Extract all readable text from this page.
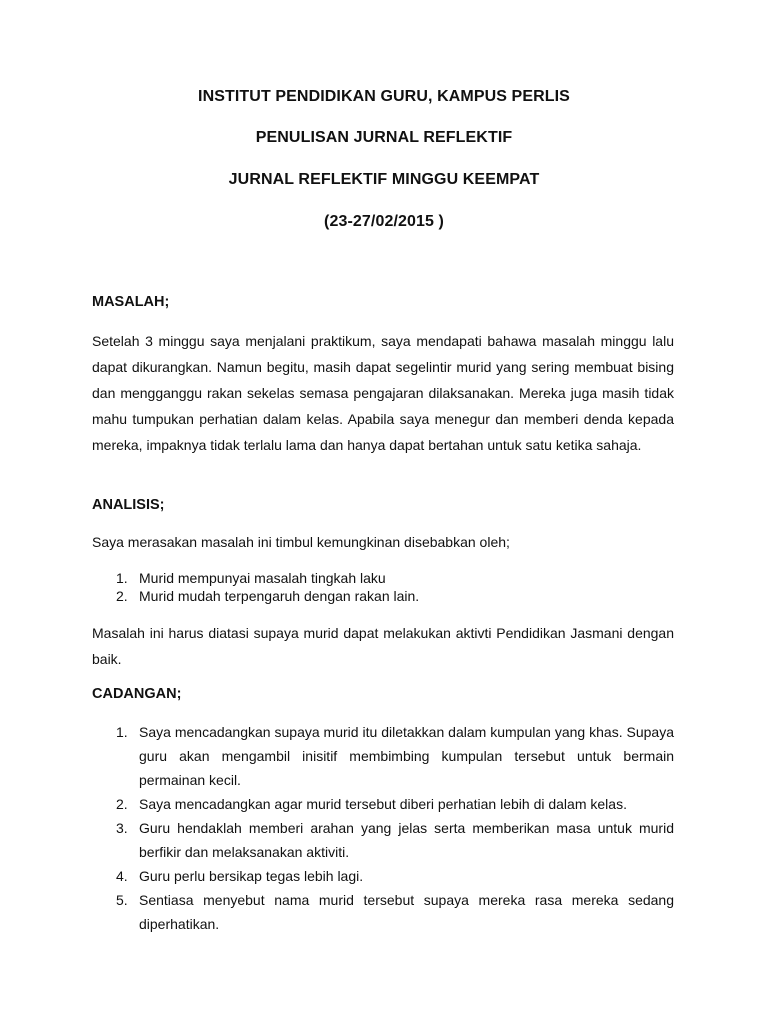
INSTITUT PENDIDIKAN GURU, KAMPUS PERLIS
PENULISAN JURNAL REFLEKTIF
JURNAL REFLEKTIF MINGGU KEEMPAT
(23-27/02/2015 )
MASALAH;
Setelah 3 minggu saya menjalani praktikum, saya mendapati bahawa masalah minggu lalu dapat dikurangkan. Namun begitu, masih dapat segelintir murid yang sering membuat bising dan mengganggu rakan sekelas semasa pengajaran dilaksanakan. Mereka juga masih tidak mahu tumpukan perhatian dalam kelas. Apabila saya menegur dan memberi denda kepada mereka, impaknya tidak terlalu lama dan hanya dapat bertahan untuk satu ketika sahaja.
ANALISIS;
Saya merasakan masalah ini timbul kemungkinan disebabkan oleh;
1. Murid mempunyai masalah tingkah laku
2. Murid mudah terpengaruh dengan rakan lain.
Masalah ini harus diatasi supaya murid dapat melakukan aktivti Pendidikan Jasmani dengan baik.
CADANGAN;
1. Saya mencadangkan supaya murid itu diletakkan dalam kumpulan yang khas. Supaya guru akan mengambil inisitif membimbing kumpulan tersebut untuk bermain permainan kecil.
2. Saya mencadangkan agar murid tersebut diberi perhatian lebih di dalam kelas.
3. Guru hendaklah memberi arahan yang jelas serta memberikan masa untuk murid berfikir dan melaksanakan aktiviti.
4. Guru perlu bersikap tegas lebih lagi.
5. Sentiasa menyebut nama murid tersebut supaya mereka rasa mereka sedang diperhatikan.
